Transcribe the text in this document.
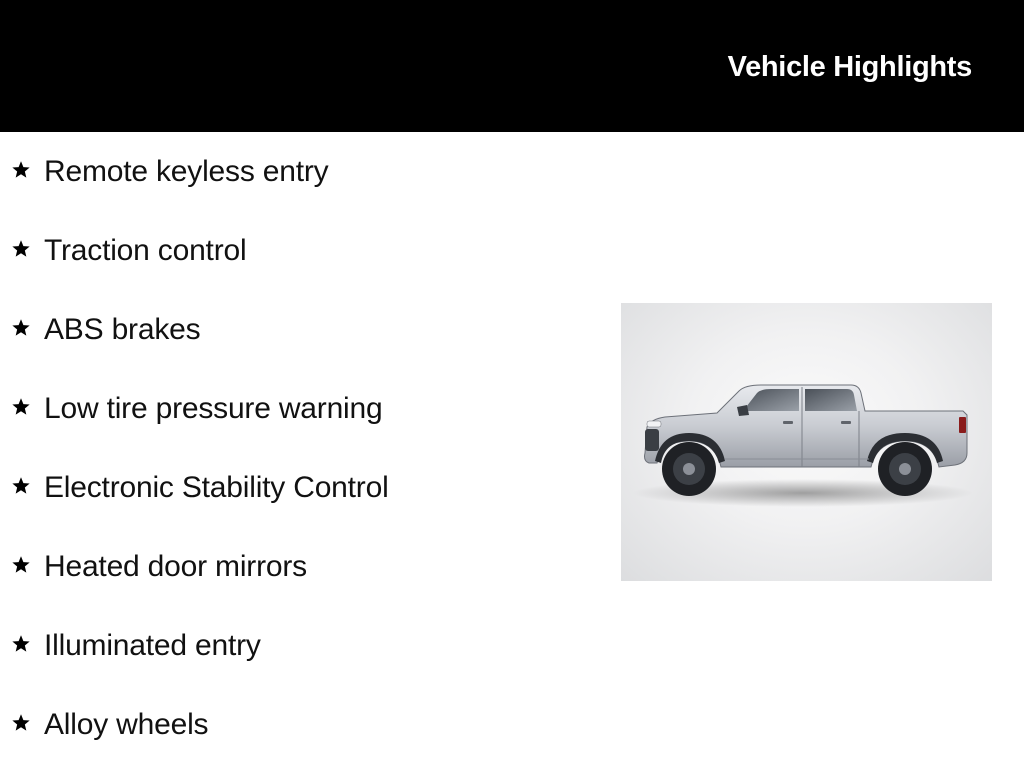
Vehicle Highlights
Remote keyless entry
Traction control
ABS brakes
Low tire pressure warning
Electronic Stability Control
Heated door mirrors
Illuminated entry
Alloy wheels
